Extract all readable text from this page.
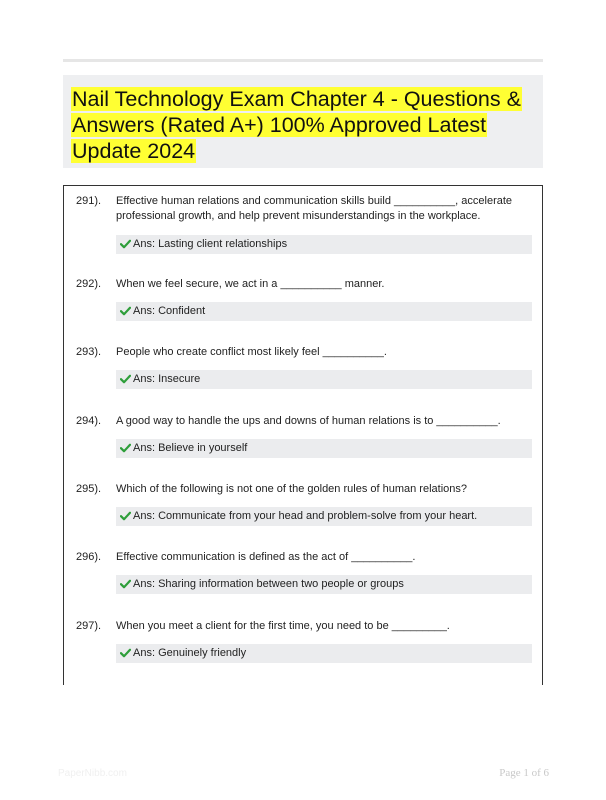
Nail Technology Exam Chapter 4 - Questions & Answers (Rated A+) 100% Approved Latest Update 2024
291). Effective human relations and communication skills build __________, accelerate professional growth, and help prevent misunderstandings in the workplace.
Ans: Lasting client relationships
292). When we feel secure, we act in a __________ manner.
Ans: Confident
293). People who create conflict most likely feel __________.
Ans: Insecure
294). A good way to handle the ups and downs of human relations is to __________.
Ans: Believe in yourself
295). Which of the following is not one of the golden rules of human relations?
Ans: Communicate from your head and problem-solve from your heart.
296). Effective communication is defined as the act of __________.
Ans: Sharing information between two people or groups
297). When you meet a client for the first time, you need to be _________.
Ans: Genuinely friendly
PaperNibb.com	Page 1 of 6
